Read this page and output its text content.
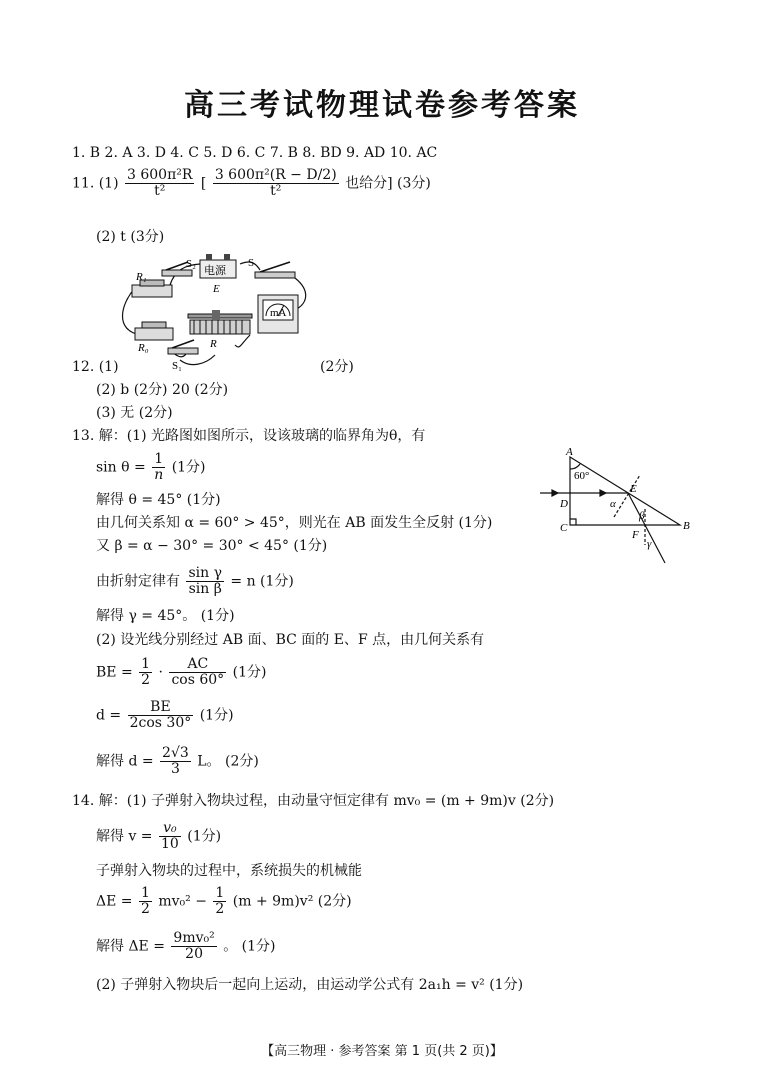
高三考试物理试卷参考答案
1. B 2. A 3. D 4. C 5. D 6. C 7. B 8. BD 9. AD 10. AC
11. $(1) \frac{\text{3 600π²R}}{\text{t²}}$ [ $\frac{\text{3 600π²(R − D/2)}}{\text{t²}}$ 也给分] (3分)
(2) t (3分)
S₂	S
电源
E
R₁
R₀	R
S₁
mA
12. (1)	(2分)
(2) b (2分) 20 (2分)
(3) 无 (2分)
13. 解：(1) 光路图如图所示，设该玻璃的临界角为θ，有
$\sin \theta = \frac{1}{n} (1$分)
解得 θ = 45° (1分)
由几何关系知 α = 60° > 45°，则光在 AB 面发生全反射 (1分)
又 β = α − 30° = 30° < 45° (1分)
由折射定律有 $\frac{\text{sin γ}}{\text{sin β}} = n$ (1分)
解得 γ = 45°。 (1分)
(2) 设光线分别经过 AB 面、BC 面的 E、F 点，由几何关系有
BE = $\frac{1}{2} \cdot \frac{AC}{\cos 60^\circ} (1$分)
$d = \frac{BE}{2\cos 30^\circ} (1$分)
解得 $d = \frac{2√3}{3}$ L。 (2分)
A
B
C
D
E
F
60°
α
β
γ
14. 解：(1) 子弹射入物块过程，由动量守恒定律有 mv₀ = (m + 9m)v (2分)
解得 $v = \frac{\text{v₀}}{10} (1$分)
子弹射入物块的过程中，系统损失的机械能
$\Delta E = \frac{1}{2} mv_0^2 - \frac{1}{2} (m + 9m)v^2$ (2分)
解得 $\Delta E = \frac{\text{9mv₀²}}{20}$ 。 (1分)
(2) 子弹射入物块后一起向上运动，由运动学公式有 2a₁h = v² (1分)
【高三物理 · 参考答案 第 1 页(共 2 页)】
